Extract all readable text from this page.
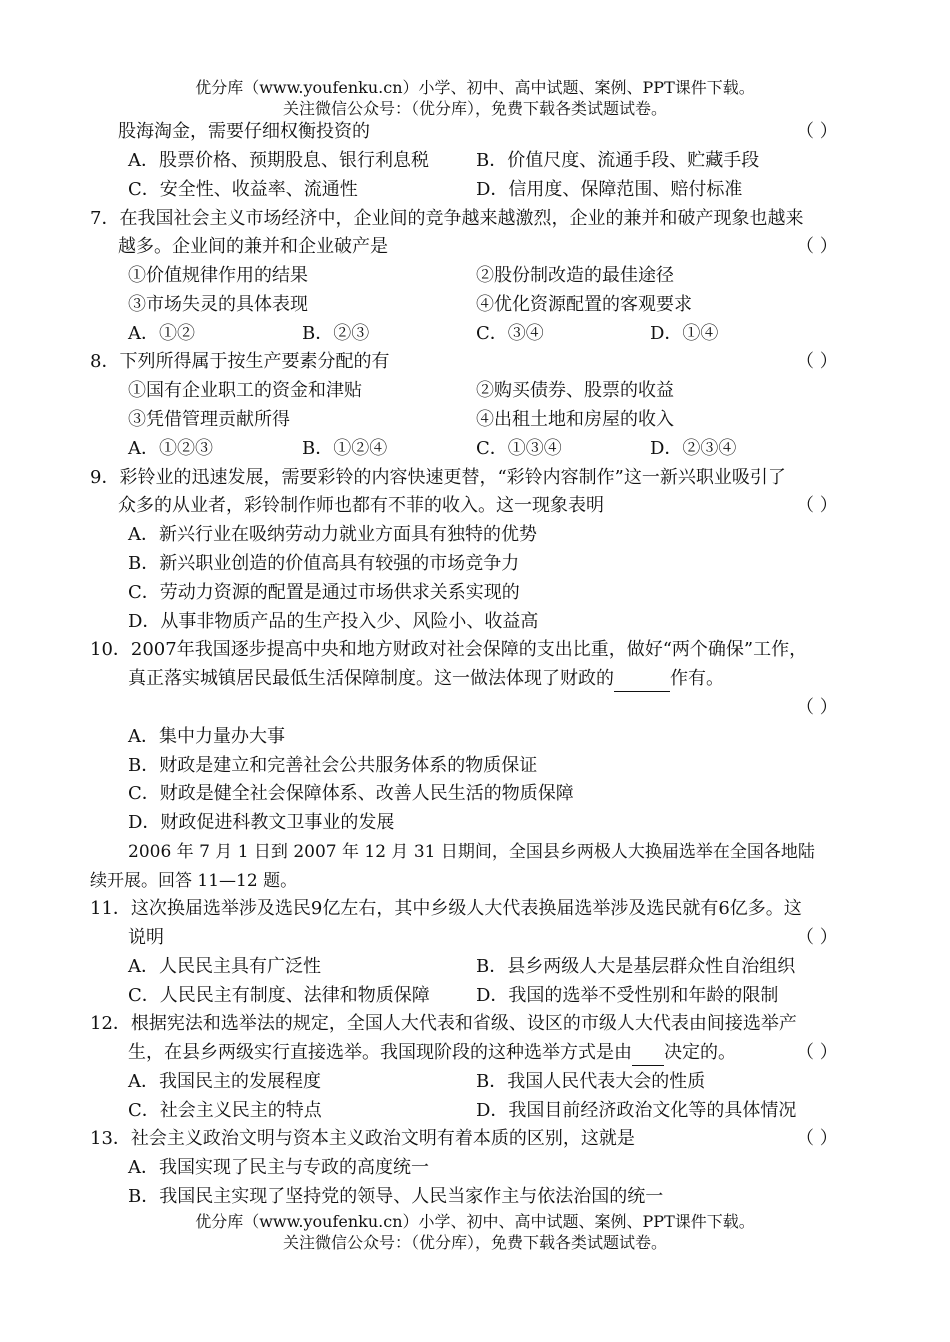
优分库（www.youfenku.cn）小学、初中、高中试题、案例、PPT课件下载。
关注微信公众号：（优分库），免费下载各类试题试卷。
股海淘金，需要仔细权衡投资的	（ ）
A．股票价格、预期股息、银行利息税	B．价值尺度、流通手段、贮藏手段
C．安全性、收益率、流通性	D．信用度、保障范围、赔付标准
7．在我国社会主义市场经济中，企业间的竞争越来越激烈，企业的兼并和破产现象也越来
越多。企业间的兼并和企业破产是	（ ）
①价值规律作用的结果	②股份制改造的最佳途径
③市场失灵的具体表现	④优化资源配置的客观要求
A．①②	B．②③	C．③④	D．①④
8．下列所得属于按生产要素分配的有	（ ）
①国有企业职工的资金和津贴	②购买债券、股票的收益
③凭借管理贡献所得	④出租土地和房屋的收入
A．①②③	B．①②④	C．①③④	D．②③④
9．彩铃业的迅速发展，需要彩铃的内容快速更替，“彩铃内容制作”这一新兴职业吸引了
众多的从业者，彩铃制作师也都有不菲的收入。这一现象表明	（ ）
A．新兴行业在吸纳劳动力就业方面具有独特的优势
B．新兴职业创造的价值高具有较强的市场竞争力
C．劳动力资源的配置是通过市场供求关系实现的
D．从事非物质产品的生产投入少、风险小、收益高
10．2007年我国逐步提高中央和地方财政对社会保障的支出比重，做好“两个确保”工作，
真正落实城镇居民最低生活保障制度。这一做法体现了财政的	作有。
（ ）
A．集中力量办大事
B．财政是建立和完善社会公共服务体系的物质保证
C．财政是健全社会保障体系、改善人民生活的物质保障
D．财政促进科教文卫事业的发展
2006 年 7 月 1 日到 2007 年 12 月 31 日期间，全国县乡两极人大换届选举在全国各地陆
续开展。回答 11—12 题。
11．这次换届选举涉及选民9亿左右，其中乡级人大代表换届选举涉及选民就有6亿多。这
说明	（ ）
A．人民民主具有广泛性	B．县乡两级人大是基层群众性自治组织
C．人民民主有制度、法律和物质保障	D．我国的选举不受性别和年龄的限制
12．根据宪法和选举法的规定，全国人大代表和省级、设区的市级人大代表由间接选举产
生，在县乡两级实行直接选举。我国现阶段的这种选举方式是由 决定的。	（ ）
A．我国民主的发展程度	B．我国人民代表大会的性质
C．社会主义民主的特点	D．我国目前经济政治文化等的具体情况
13．社会主义政治文明与资本主义政治文明有着本质的区别，这就是	（ ）
A．我国实现了民主与专政的高度统一
B．我国民主实现了坚持党的领导、人民当家作主与依法治国的统一
优分库（www.youfenku.cn）小学、初中、高中试题、案例、PPT课件下载。
关注微信公众号：（优分库），免费下载各类试题试卷。
